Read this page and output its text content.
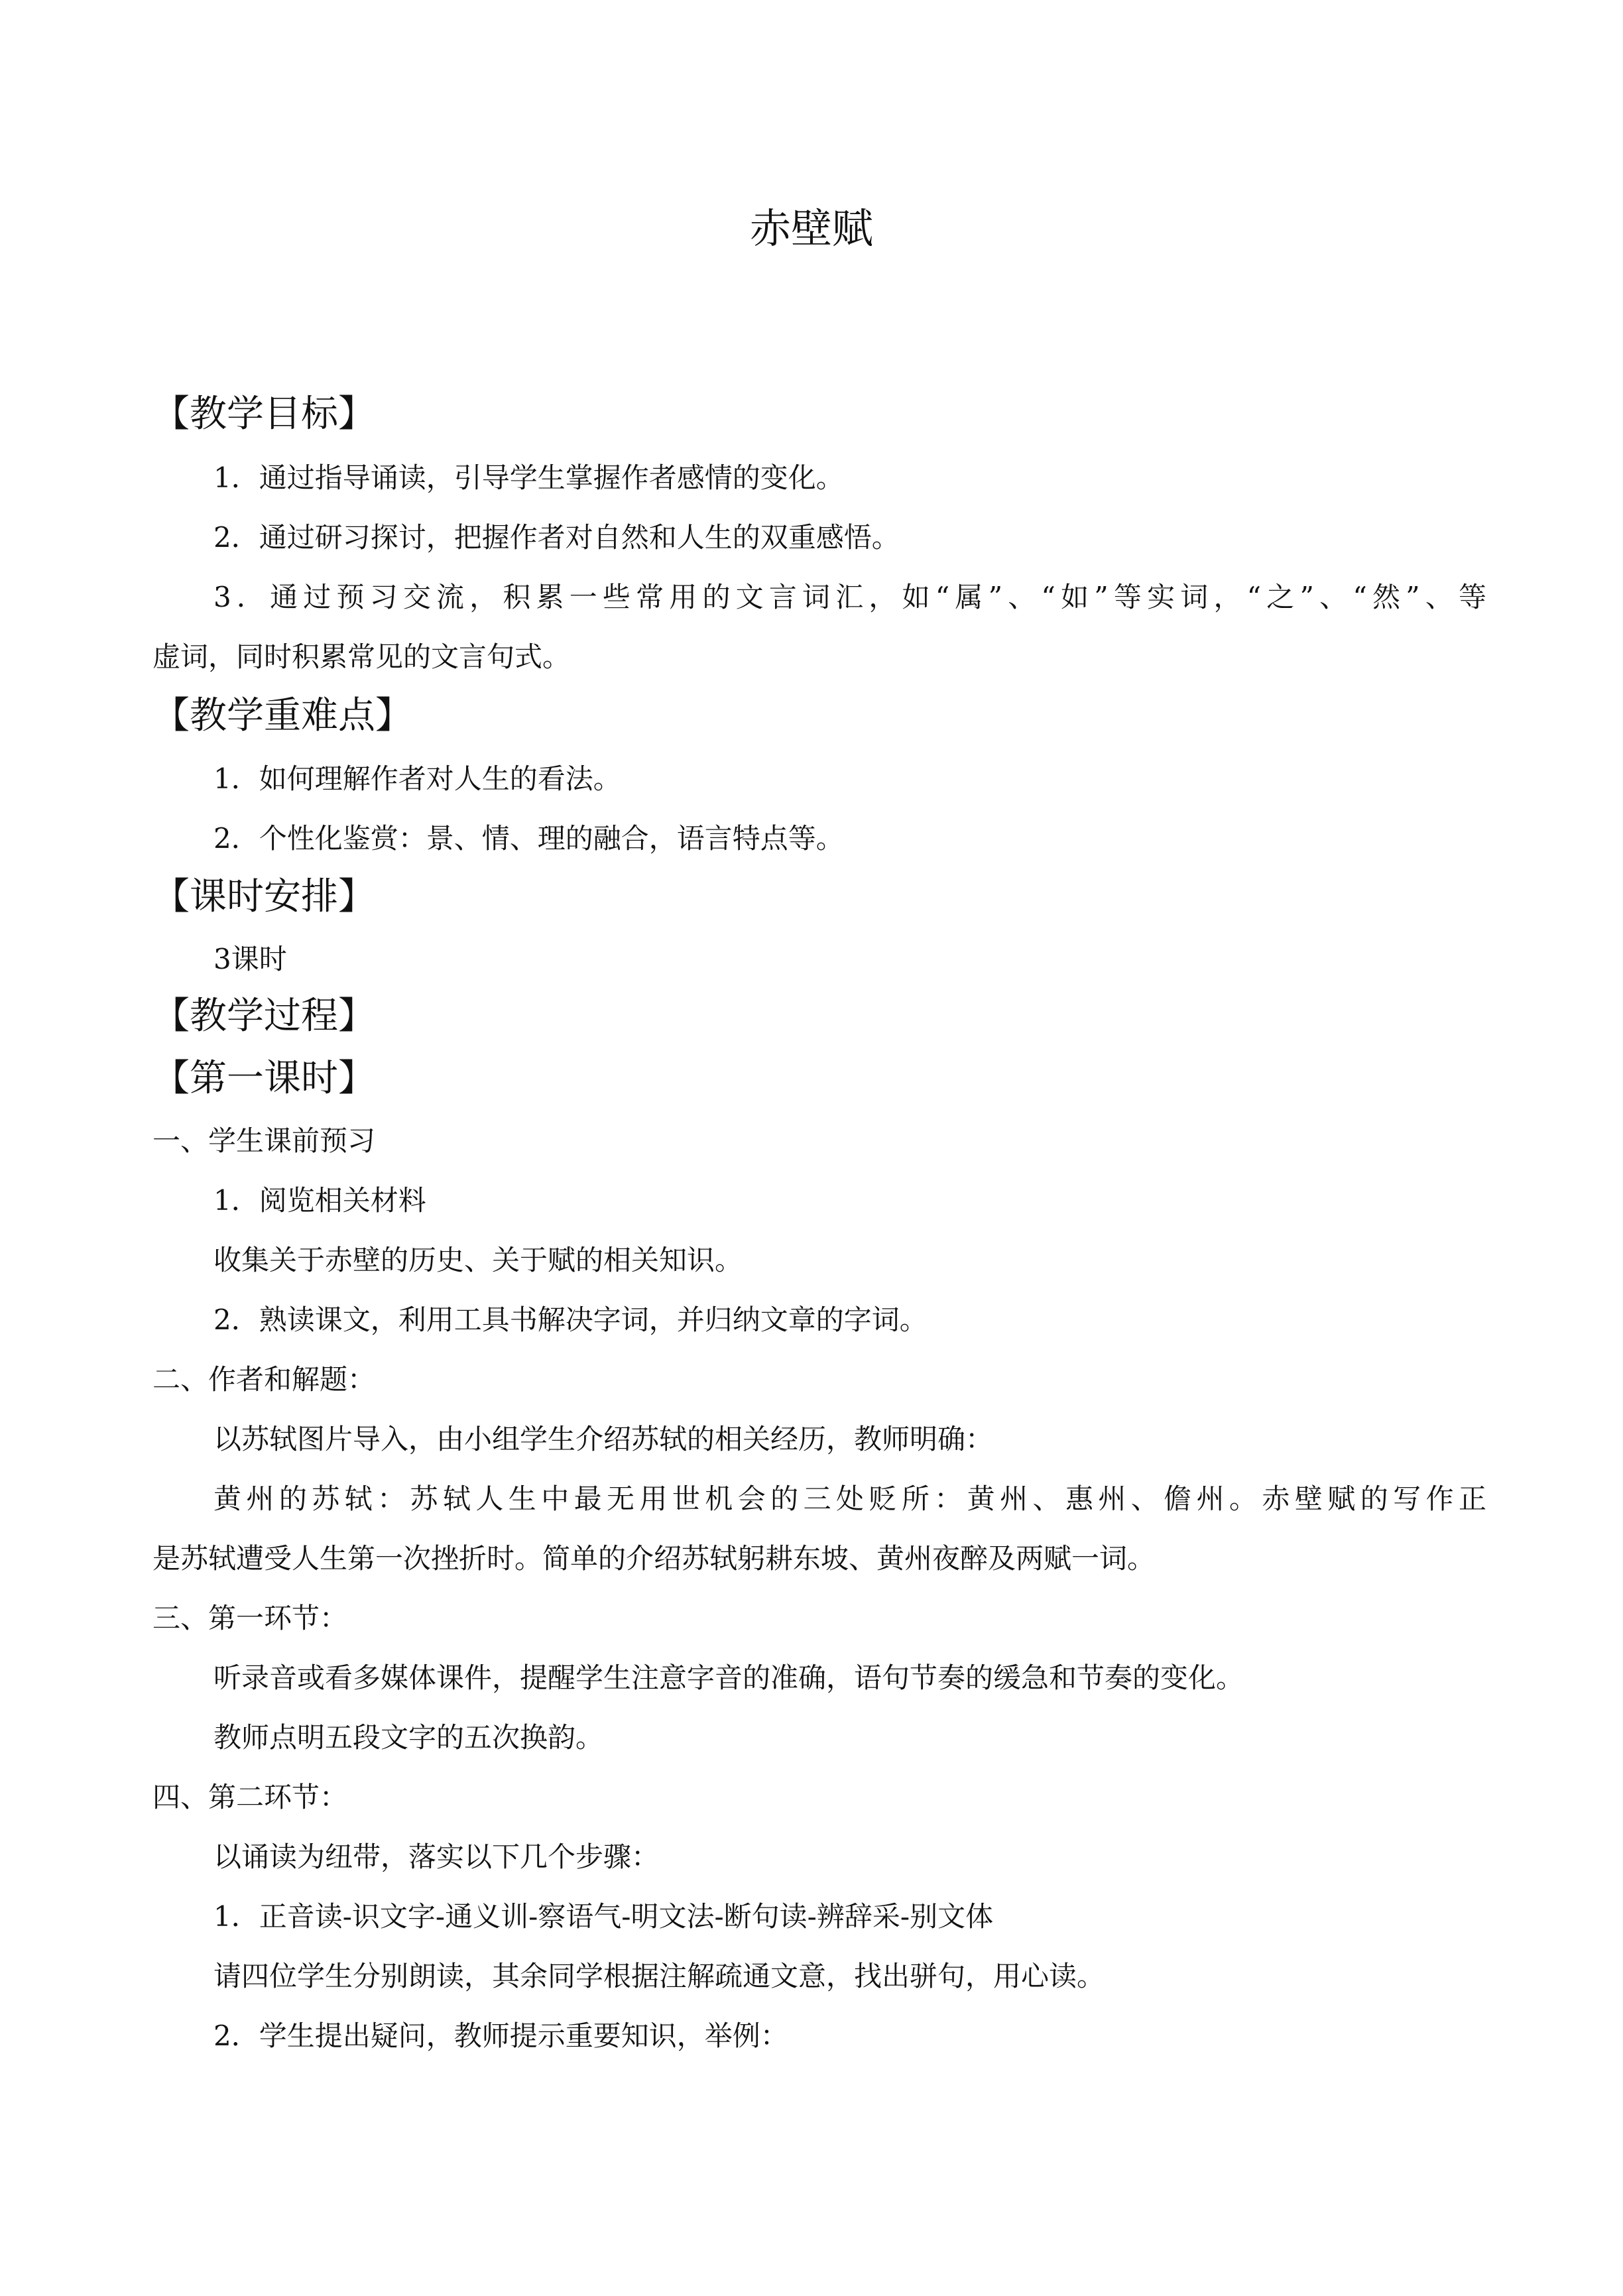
赤壁赋
【教学目标】
1．通过指导诵读，引导学生掌握作者感情的变化。
2．通过研习探讨，把握作者对自然和人生的双重感悟。
3．通过预习交流，积累一些常用的文言词汇，如“属”、“如”等实词，“之”、“然”、等
虚词，同时积累常见的文言句式。
【教学重难点】
1．如何理解作者对人生的看法。
2．个性化鉴赏：景、情、理的融合，语言特点等。
【课时安排】
3课时
【教学过程】
【第一课时】
一、学生课前预习
1．阅览相关材料
收集关于赤壁的历史、关于赋的相关知识。
2．熟读课文，利用工具书解决字词，并归纳文章的字词。
二、作者和解题：
以苏轼图片导入，由小组学生介绍苏轼的相关经历，教师明确：
黄州的苏轼：苏轼人生中最无用世机会的三处贬所：黄州、惠州、儋州。赤壁赋的写作正
是苏轼遭受人生第一次挫折时。简单的介绍苏轼躬耕东坡、黄州夜醉及两赋一词。
三、第一环节：
听录音或看多媒体课件，提醒学生注意字音的准确，语句节奏的缓急和节奏的变化。
教师点明五段文字的五次换韵。
四、第二环节：
以诵读为纽带，落实以下几个步骤：
1．正音读-识文字-通义训-察语气-明文法-断句读-辨辞采-别文体
请四位学生分别朗读，其余同学根据注解疏通文意，找出骈句，用心读。
2．学生提出疑问，教师提示重要知识，举例：
